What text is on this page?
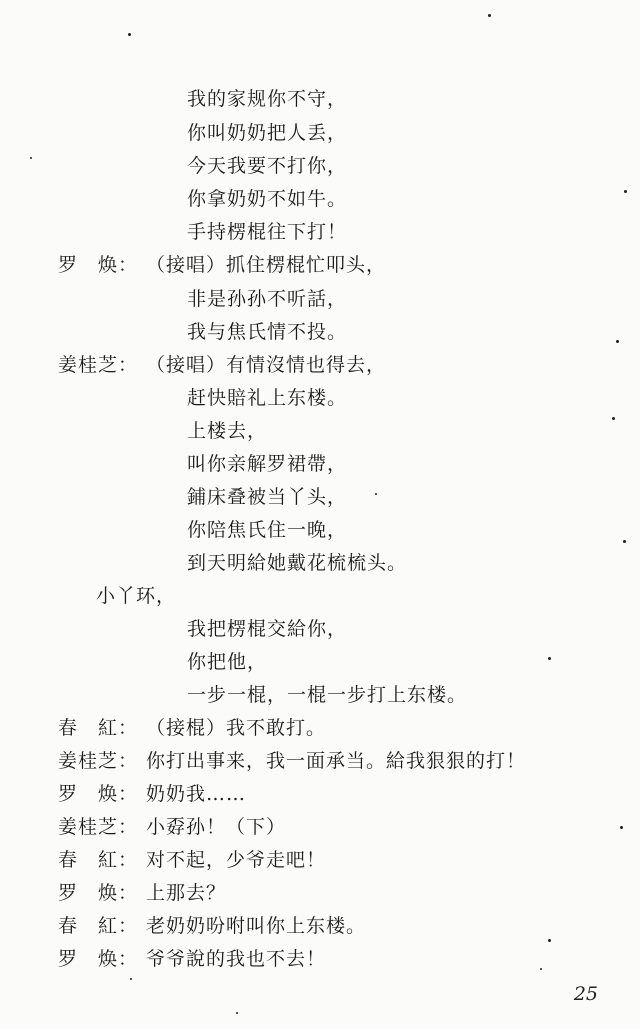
我的家规你不守，
你叫奶奶把人丢，
今天我要不打你，
你拿奶奶不如牛。
手持楞棍往下打！
罗　焕： （接唱）抓住楞棍忙叩头，
非是孙孙不听話，
我与焦氏情不投。
姜桂芝： （接唱）有情沒情也得去，
赶快賠礼上东楼。
上楼去，
叫你亲解罗裙帶，
鋪床叠被当丫头，
你陪焦氏住一晚，
到天明給她戴花梳梳头。
小丫环，
我把楞棍交給你，
你把他，
一步一棍，一棍一步打上东楼。
春　紅： （接棍）我不敢打。
姜桂芝： 你打出事来，我一面承当。給我狠狠的打！
罗　焕： 奶奶我……
姜桂芝： 小孬孙！（下）
春　紅： 对不起，少爷走吧！
罗　焕： 上那去？
春　紅： 老奶奶吩咐叫你上东楼。
罗　焕： 爷爷說的我也不去！
25
